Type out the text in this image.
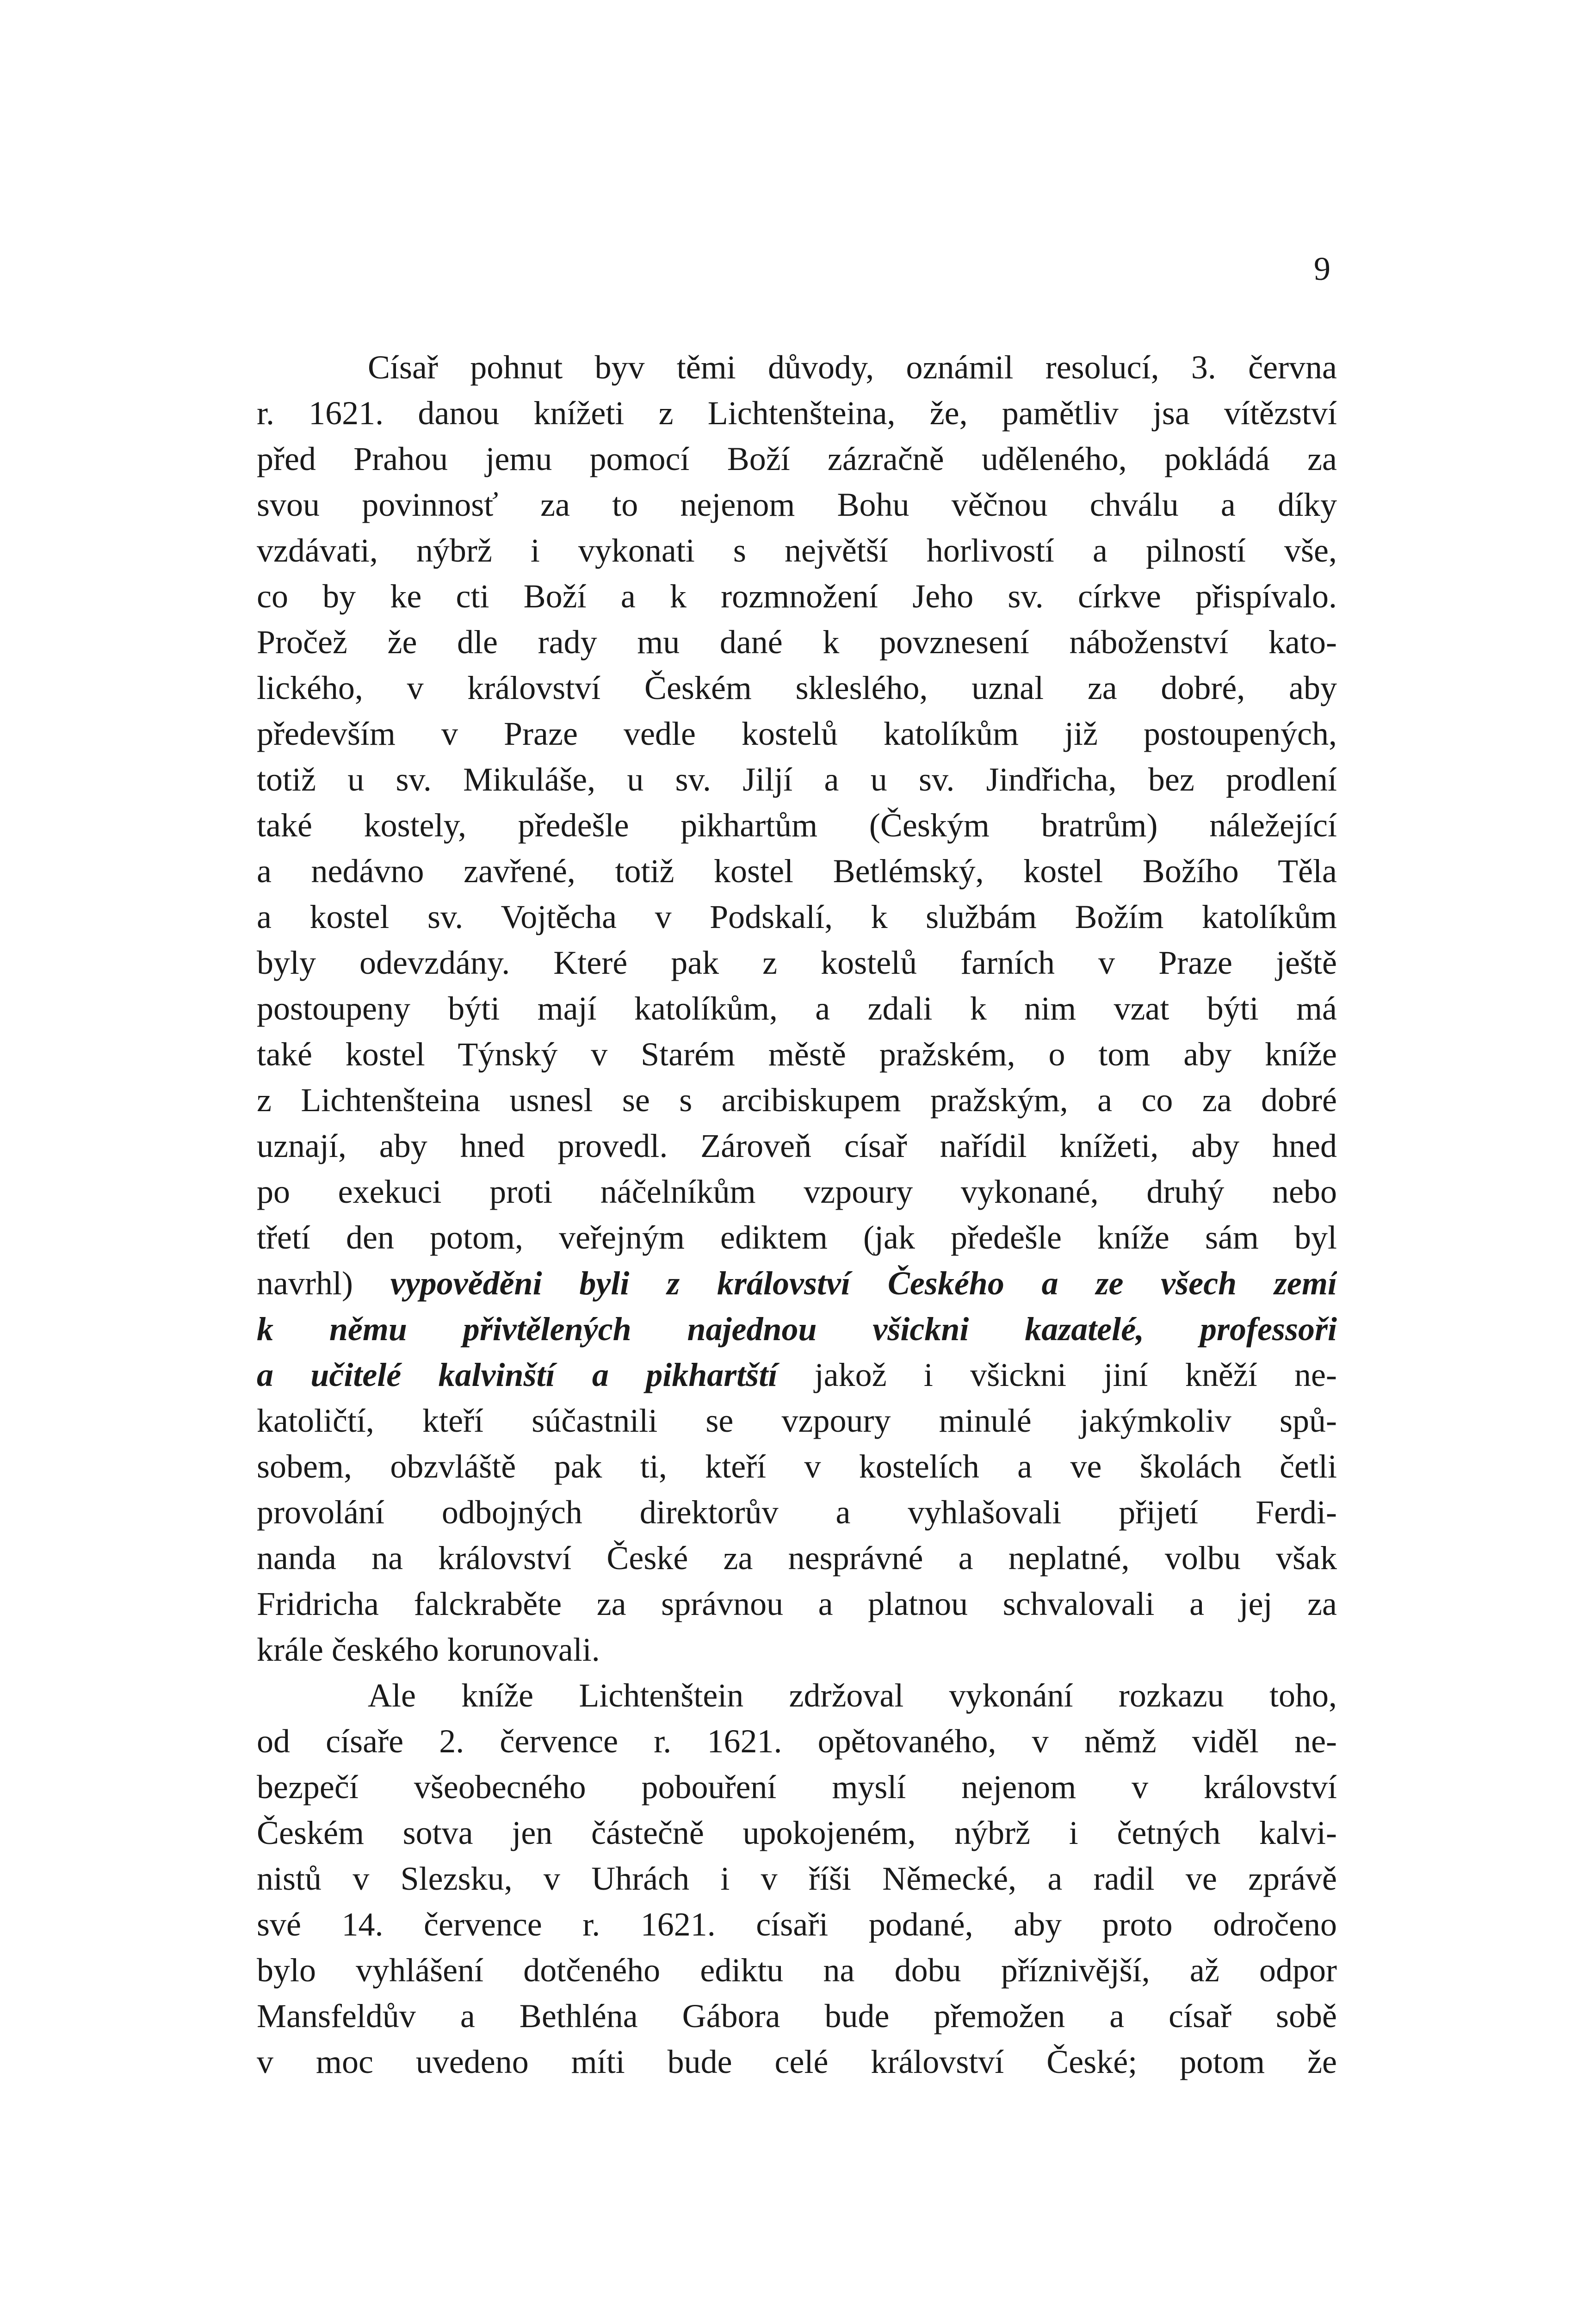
9
Císař pohnut byv těmi důvody, oznámil resolucí, 3. června
r. 1621. danou knížeti z Lichtenšteina, že, pamětliv jsa vítězství
před Prahou jemu pomocí Boží zázračně uděleného, pokládá za
svou povinnosť za to nejenom Bohu věčnou chválu a díky
vzdávati, nýbrž i vykonati s největší horlivostí a pilností vše,
co by ke cti Boží a k rozmnožení Jeho sv. církve přispívalo.
Pročež že dle rady mu dané k povznesení náboženství kato-
lického, v království Českém skleslého, uznal za dobré, aby
především v Praze vedle kostelů katolíkům již postoupených,
totiž u sv. Mikuláše, u sv. Jiljí a u sv. Jindřicha, bez prodlení
také kostely, předešle pikhartům (Českým bratrům) náležející
a nedávno zavřené, totiž kostel Betlémský, kostel Božího Těla
a kostel sv. Vojtěcha v Podskalí, k službám Božím katolíkům
byly odevzdány. Které pak z kostelů farních v Praze ještě
postoupeny býti mají katolíkům, a zdali k nim vzat býti má
také kostel Týnský v Starém městě pražském, o tom aby kníže
z Lichtenšteina usnesl se s arcibiskupem pražským, a co za dobré
uznají, aby hned provedl. Zároveň císař nařídil knížeti, aby hned
po exekuci proti náčelníkům vzpoury vykonané, druhý nebo
třetí den potom, veřejným ediktem (jak předešle kníže sám byl
navrhl) vypověděni byli z království Českého a ze všech zemí
k němu přivtělených najednou všickni kazatelé, professoři
a učitelé kalvinští a pikhartští jakož i všickni jiní kněží ne-
katoličtí, kteří súčastnili se vzpoury minulé jakýmkoliv spů-
sobem, obzvláště pak ti, kteří v kostelích a ve školách četli
provolání odbojných direktorův a vyhlašovali přijetí Ferdi-
nanda na království České za nesprávné a neplatné, volbu však
Fridricha falckraběte za správnou a platnou schvalovali a jej za
krále českého korunovali.
Ale kníže Lichtenštein zdržoval vykonání rozkazu toho,
od císaře 2. července r. 1621. opětovaného, v němž viděl ne-
bezpečí všeobecného pobouření myslí nejenom v království
Českém sotva jen částečně upokojeném, nýbrž i četných kalvi-
nistů v Slezsku, v Uhrách i v říši Německé, a radil ve zprávě
své 14. července r. 1621. císaři podané, aby proto odročeno
bylo vyhlášení dotčeného ediktu na dobu příznivější, až odpor
Mansfeldův a Bethléna Gábora bude přemožen a císař sobě
v moc uvedeno míti bude celé království České; potom že
